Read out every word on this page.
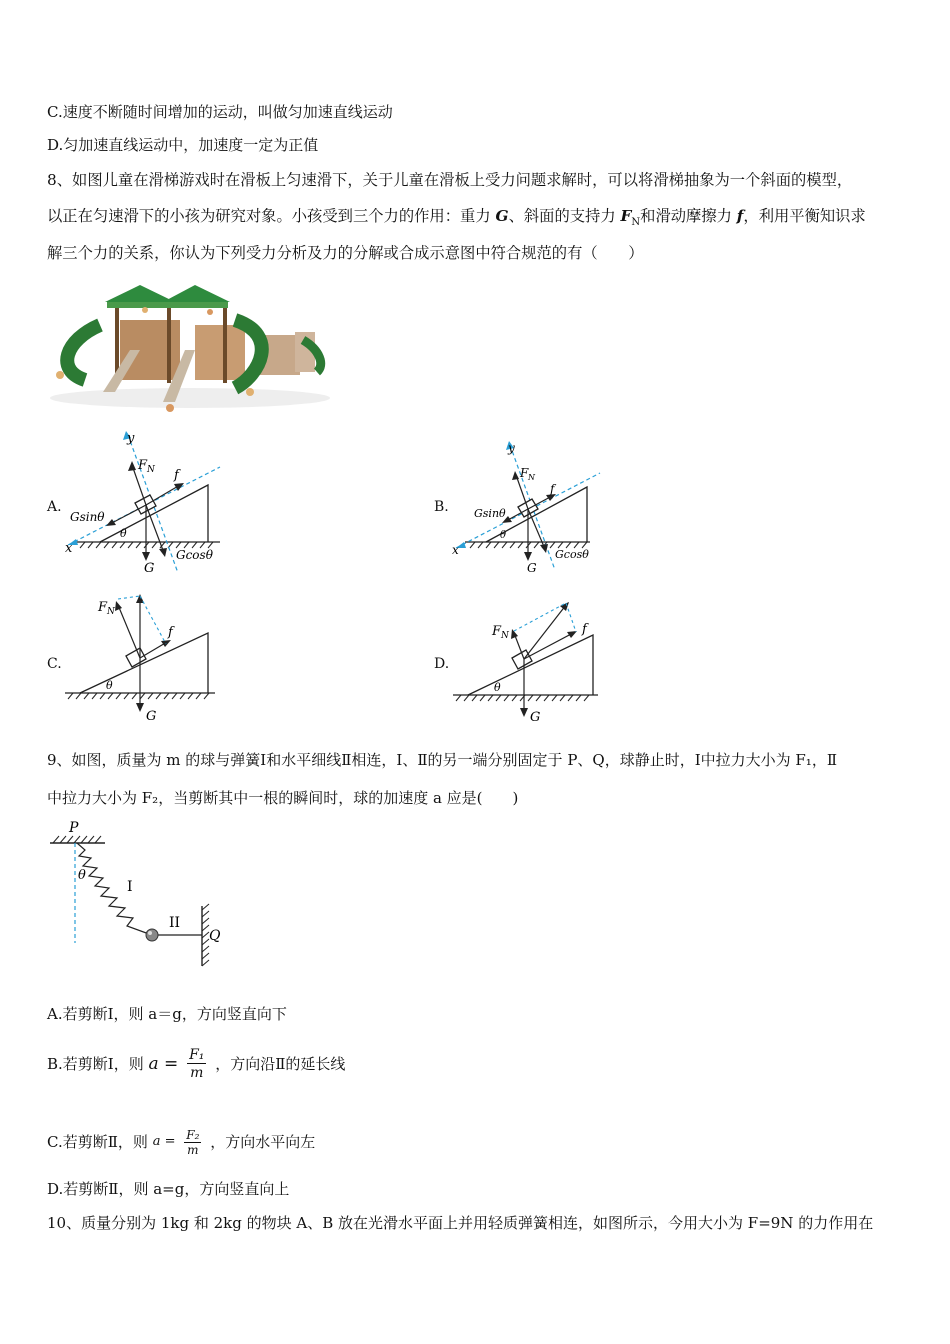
C.速度不断随时间增加的运动，叫做匀加速直线运动
D.匀加速直线运动中，加速度一定为正值
8、如图儿童在滑梯游戏时在滑板上匀速滑下，关于儿童在滑板上受力问题求解时，可以将滑梯抽象为一个斜面的模型，
以正在匀速滑下的小孩为研究对象。小孩受到三个力的作用：重力 G、斜面的支持力 $F_N$和滑动摩擦力 f，利用平衡知识求
解三个力的关系，你认为下列受力分析及力的分解或合成示意图中符合规范的有（　　）
A.
y
F N f
Gsinθ
θ
x	Gcosθ
G
B.
y
F N
f
Gsinθ
θ
x	Gcosθ
G
C.
F N
f
θ
G
D.
F N	f
θ
G
9、如图，质量为 m 的球与弹簧Ⅰ和水平细线Ⅱ相连，Ⅰ、Ⅱ的另一端分别固定于 P、Q，球静止时，Ⅰ中拉力大小为 F₁，Ⅱ
中拉力大小为 F₂，当剪断其中一根的瞬间时，球的加速度 a 应是(　　)
P
θ
I
II
Q
A.若剪断Ⅰ，则 a＝g，方向竖直向下
B.若剪断Ⅰ，则 $a = \frac{\text{F₁}}{m}$ ，方向沿Ⅱ的延长线
C.若剪断Ⅱ，则 $a = \frac{\text{F₂}}{m}$ ，方向水平向左
D.若剪断Ⅱ，则 a=g，方向竖直向上
10、质量分别为 1kg 和 2kg 的物块 A、B 放在光滑水平面上并用轻质弹簧相连，如图所示，今用大小为 F=9N 的力作用在
